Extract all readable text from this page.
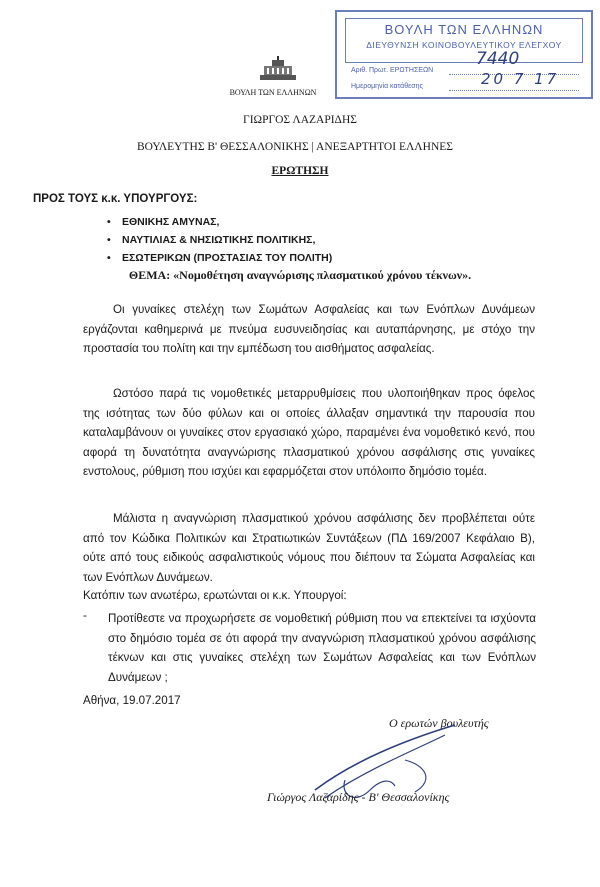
ΒΟΥΛΗ ΤΩΝ ΕΛΛΗΝΩΝ
ΔΙΕΥΘΥΝΣΗ ΚΟΙΝΟΒΟΥΛΕΥΤΙΚΟΥ ΕΛΕΓΧΟΥ
Αριθ. Πρωτ. ΕΡΩΤΗΣΕΩΝ
Ημερομηνία κατάθεσης
7440
20 7 17
ΒΟΥΛΗ ΤΩΝ ΕΛΛΗΝΩΝ
ΓΙΩΡΓΟΣ ΛΑΖΑΡΙΔΗΣ
ΒΟΥΛΕΥΤΗΣ Β' ΘΕΣΣΑΛΟΝΙΚΗΣ | ΑΝΕΞΑΡΤΗΤΟΙ ΕΛΛΗΝΕΣ
ΕΡΩΤΗΣΗ
ΠΡΟΣ ΤΟΥΣ κ.κ. ΥΠΟΥΡΓΟΥΣ:
• ΕΘΝΙΚΗΣ ΑΜΥΝΑΣ,
• ΝΑΥΤΙΛΙΑΣ & ΝΗΣΙΩΤΙΚΗΣ ΠΟΛΙΤΙΚΗΣ,
• ΕΣΩΤΕΡΙΚΩΝ (ΠΡΟΣΤΑΣΙΑΣ ΤΟΥ ΠΟΛΙΤΗ)
ΘΕΜΑ: «Νομοθέτηση αναγνώρισης πλασματικού χρόνου τέκνων».

Οι γυναίκες στελέχη των Σωμάτων Ασφαλείας και των Ενόπλων Δυνάμεων εργάζονται καθημερινά με πνεύμα ευσυνειδησίας και αυταπάρνησης, με στόχο την προστασία του πολίτη και την εμπέδωση του αισθήματος ασφαλείας.

Ωστόσο παρά τις νομοθετικές μεταρρυθμίσεις που υλοποιήθηκαν προς όφελος της ισότητας των δύο φύλων και οι οποίες άλλαξαν σημαντικά την παρουσία που καταλαμβάνουν οι γυναίκες στον εργασιακό χώρο, παραμένει ένα νομοθετικό κενό, που αφορά τη δυνατότητα αναγνώρισης πλασματικού χρόνου ασφάλισης στις γυναίκες ενστολους, ρύθμιση που ισχύει και εφαρμόζεται στον υπόλοιπο δημόσιο τομέα.

Μάλιστα η αναγνώριση πλασματικού χρόνου ασφάλισης δεν προβλέπεται ούτε από τον Κώδικα Πολιτικών και Στρατιωτικών Συντάξεων (ΠΔ 169/2007 Κεφάλαιο Β), ούτε από τους ειδικούς ασφαλιστικούς νόμους που διέπουν τα Σώματα Ασφαλείας και των Ενόπλων Δυνάμεων.

Κατόπιν των ανωτέρω, ερωτώνται οι κ.κ. Υπουργοί:

- Προτίθεστε να προχωρήσετε σε νομοθετική ρύθμιση που να επεκτείνει τα ισχύοντα στο δημόσιο τομέα σε ότι αφορά την αναγνώριση πλασματικού χρόνου ασφάλισης τέκνων και στις γυναίκες στελέχη των Σωμάτων Ασφαλείας και των Ενόπλων Δυνάμεων ;

Αθήνα, 19.07.2017
Ο ερωτών βουλευτής
Γιώργος Λαζαρίδης - Β' Θεσσαλονίκης
